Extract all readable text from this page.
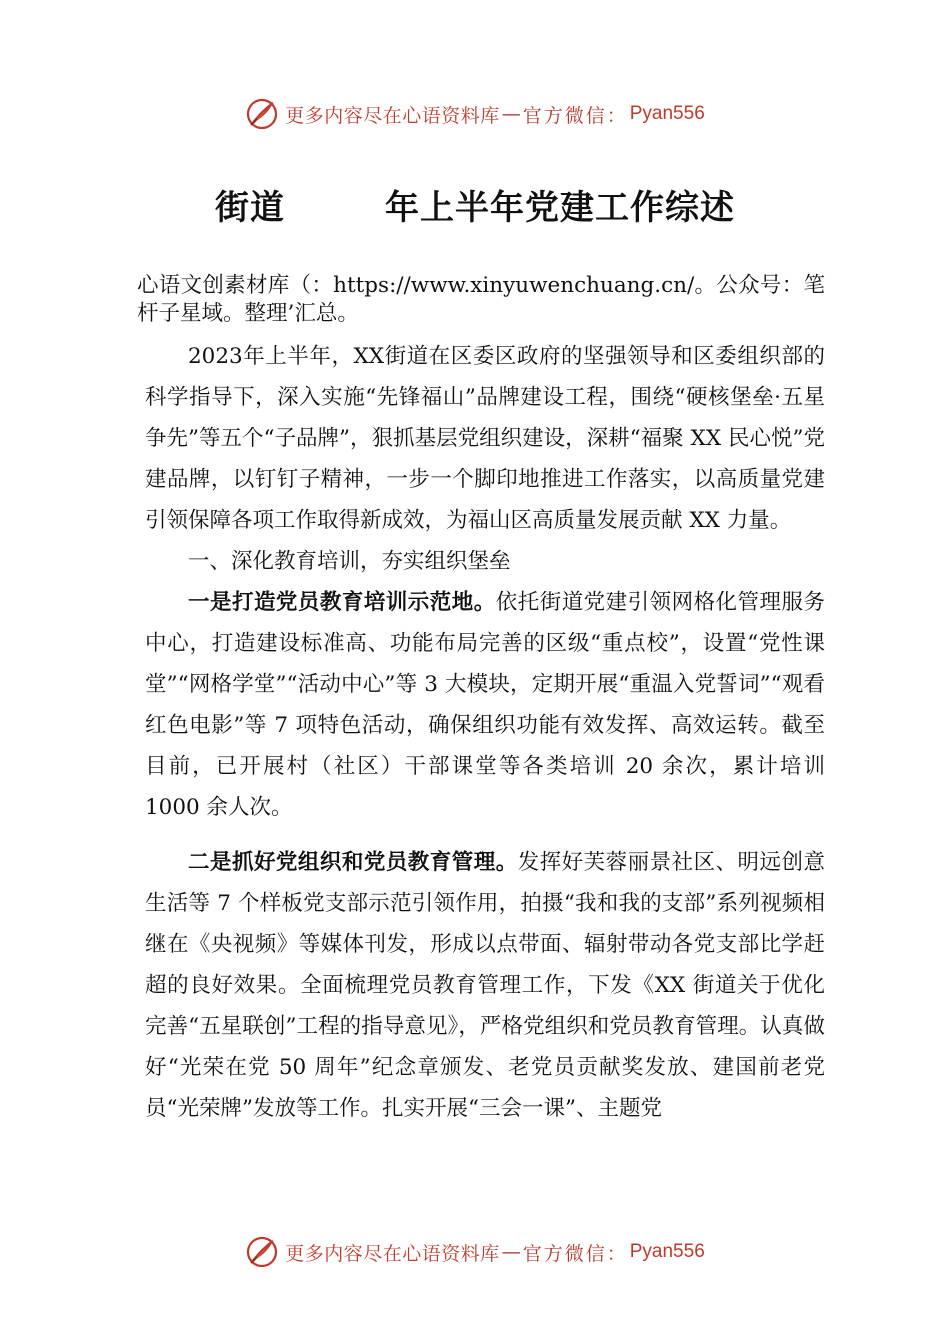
更多内容尽在心语资料库 — 官方微信： Pyan556
街道	年上半年党建工作综述

心语文创素材库（：https://www.xinyuwenchuang.cn/。公众号：笔杆子星域。整理’汇总。

2023年上半年，XX街道在区委区政府的坚强领导和区委组织部的科学指导下，深入实施“先锋福山”品牌建设工程，围绕“硬核堡垒·五星争先”等五个“子品牌”，狠抓基层党组织建设，深耕“福聚 XX 民心悦”党建品牌，以钉钉子精神，一步一个脚印地推进工作落实，以高质量党建引领保障各项工作取得新成效，为福山区高质量发展贡献 XX 力量。

一、深化教育培训，夯实组织堡垒

一是打造党员教育培训示范地。依托街道党建引领网格化管理服务中心，打造建设标准高、功能布局完善的区级“重点校”，设置“党性课堂”“网格学堂”“活动中心”等 3 大模块，定期开展“重温入党誓词”“观看红色电影”等 7 项特色活动，确保组织功能有效发挥、高效运转。截至目前，已开展村（社区）干部课堂等各类培训 20 余次，累计培训 1000 余人次。

二是抓好党组织和党员教育管理。发挥好芙蓉丽景社区、明远创意生活等 7 个样板党支部示范引领作用，拍摄“我和我的支部”系列视频相继在《央视频》等媒体刊发，形成以点带面、辐射带动各党支部比学赶超的良好效果。全面梳理党员教育管理工作，下发《XX 街道关于优化完善“五星联创”工程的指导意见》，严格党组织和党员教育管理。认真做好“光荣在党 50 周年”纪念章颁发、老党员贡献奖发放、建国前老党员“光荣牌”发放等工作。扎实开展“三会一课”、主题党

更多内容尽在心语资料库 — 官方微信： Pyan556
